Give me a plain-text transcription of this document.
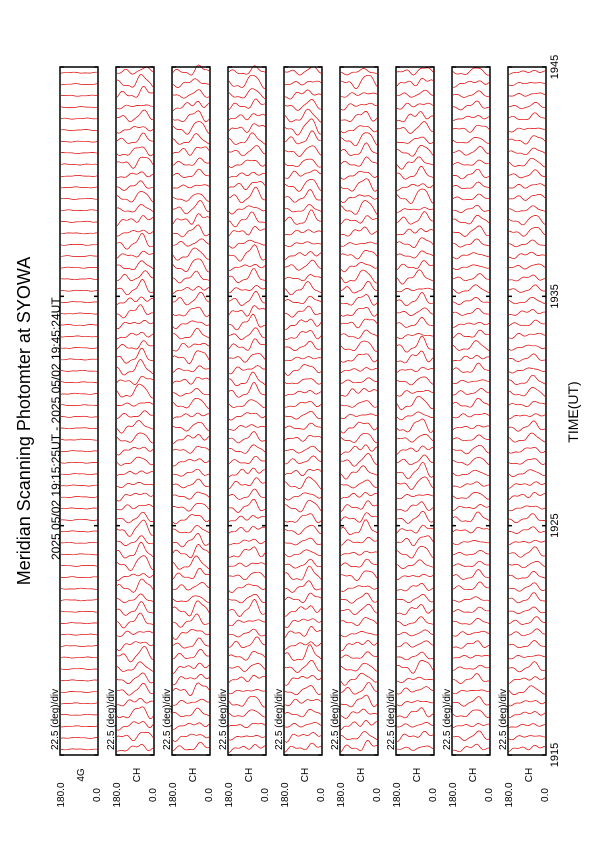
Meridian Scanning Photomter at SYOWA 2025 05/02 19:15:25UT - 2025 05/02 19:45:24UT	TIME(UT)
180.0	0.0
4G
22.5 (deg)/div
180.0	0.0
CH
22.5 (deg)/div
180.0	0.0
CH
22.5 (deg)/div
180.0	0.0
CH
22.5 (deg)/div
180.0	0.0
CH
22.5 (deg)/div
180.0	0.0
CH
22.5 (deg)/div
180.0	0.0
CH
22.5 (deg)/div
180.0	0.0
CH
22.5 (deg)/div
180.0	0.0
CH
22.5 (deg)/div
1915
1925
1935
1945
